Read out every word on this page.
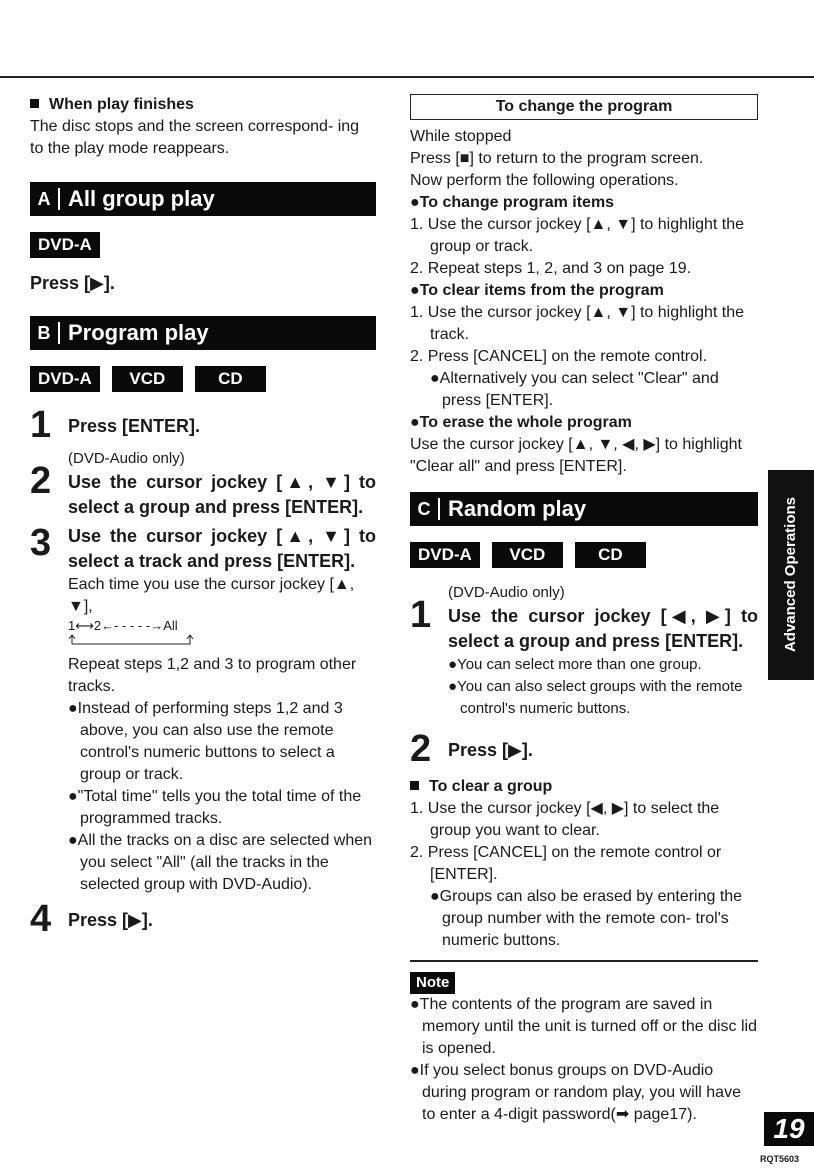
When play finishes

The disc stops and the screen correspond- ing to the play mode reappears.

A All group play
DVD-A

Press [▶].

B Program play
DVD-A	VCD	CD
1 Press [ENTER].

2

(DVD-Audio only)

Use the cursor jockey [▲, ▼] to select a group and press [ENTER].

3 Use the cursor jockey [▲, ▼] to select a track and press [ENTER].

Each time you use the cursor jockey [▲, ▼],

1⟷2←- - - - -→All

Repeat steps 1,2 and 3 to program other tracks.

●Instead of performing steps 1,2 and 3 above, you can also use the remote control's numeric buttons to select a group or track.

●"Total time" tells you the total time of the programmed tracks.

●All the tracks on a disc are selected when you select "All" (all the tracks in the selected group with DVD-Audio).

4 Press [▶].

To change the program

While stopped

Press [■] to return to the program screen.

Now perform the following operations.

●To change program items

1. Use the cursor jockey [▲, ▼] to highlight the group or track.

2. Repeat steps 1, 2, and 3 on page 19.

●To clear items from the program

1. Use the cursor jockey [▲, ▼] to highlight the track.

2. Press [CANCEL] on the remote control.

●Alternatively you can select "Clear" and press [ENTER].

●To erase the whole program

Use the cursor jockey [▲, ▼, ◀, ▶] to highlight "Clear all" and press [ENTER].

C Random play
DVD-A	VCD	CD
1

(DVD-Audio only)

Use the cursor jockey [◀, ▶] to select a group and press [ENTER].

●You can select more than one group.

●You can also select groups with the remote control's numeric buttons.

2 Press [▶].

To clear a group

1. Use the cursor jockey [◀, ▶] to select the group you want to clear.

2. Press [CANCEL] on the remote control or [ENTER].

●Groups can also be erased by entering the group number with the remote con- trol's numeric buttons.

Note

●The contents of the program are saved in memory until the unit is turned off or the disc lid is opened.

●If you select bonus groups on DVD-Audio during program or random play, you will have to enter a 4-digit password(➡ page17).

Advanced Operations
19
RQT5603
